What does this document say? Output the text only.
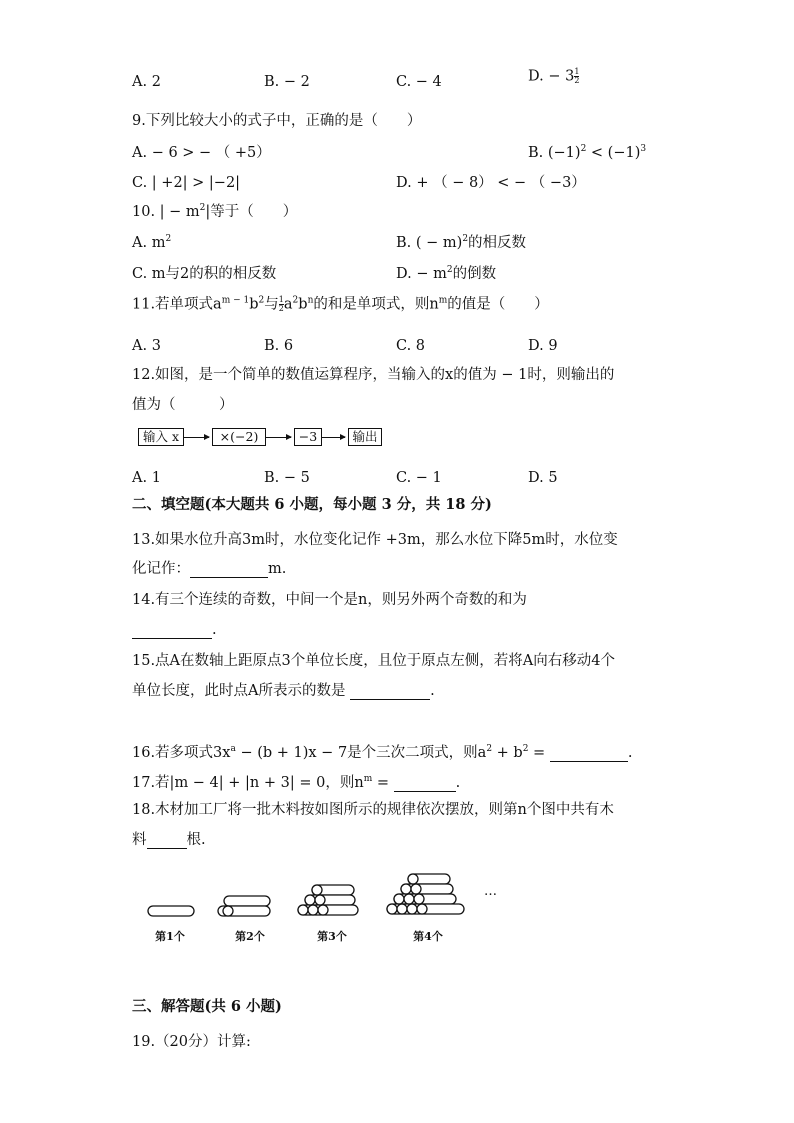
A. 2	B. − 2	C. − 4	D. − $3 \frac{1}{2}$
9.下列比较大小的式子中，正确的是（　　）
A. − 6 > − （ +5）	B. $(-1)^2 < (-1)^3$
C. | +2| > |−2|	D. + （ − 8） < − （ −3）
10. | − $m^2|$等于（　　）
A. $m^2$	B. ( − m)$^2$的相反数
C. m与2的积的相反数	D. − $m^2$的倒数
11.若单项式$a^{m - 1}b^2$与 $\frac{1}{2} a^2b^n$的和是单项式，则$n^m$的值是（　　）
A. 3	B. 6	C. 8	D. 9
12.如图，是一个简单的数值运算程序，当输入的x的值为 − 1时，则输出的
值为（　　　）
输入 x	×(−2)	−3	输出
A. 1	B. − 5	C. − 1	D. 5
二、填空题(本大题共 6 小题，每小题 3 分，共 18 分)
13.如果水位升高3m时，水位变化记作 +3m，那么水位下降5m时，水位变
化记作：	m.
14.有三个连续的奇数，中间一个是n，则另外两个奇数的和为
.
15.点A在数轴上距原点3个单位长度，且位于原点左侧，若将A向右移动4个
单位长度，此时点A所表示的数是	.
16.若多项式$3x^a - (b + 1)x - 7$是个三次二项式，则$a^2 + b^2$ =	.
17.若|m − 4| + |n + 3| = 0，则$n^m$ =	.
18.木材加工厂将一批木料按如图所示的规律依次摆放，则第n个图中共有木
料	根.
…
第1个	第2个	第3个	第4个
三、解答题(共 6 小题)
19.（20分）计算:
